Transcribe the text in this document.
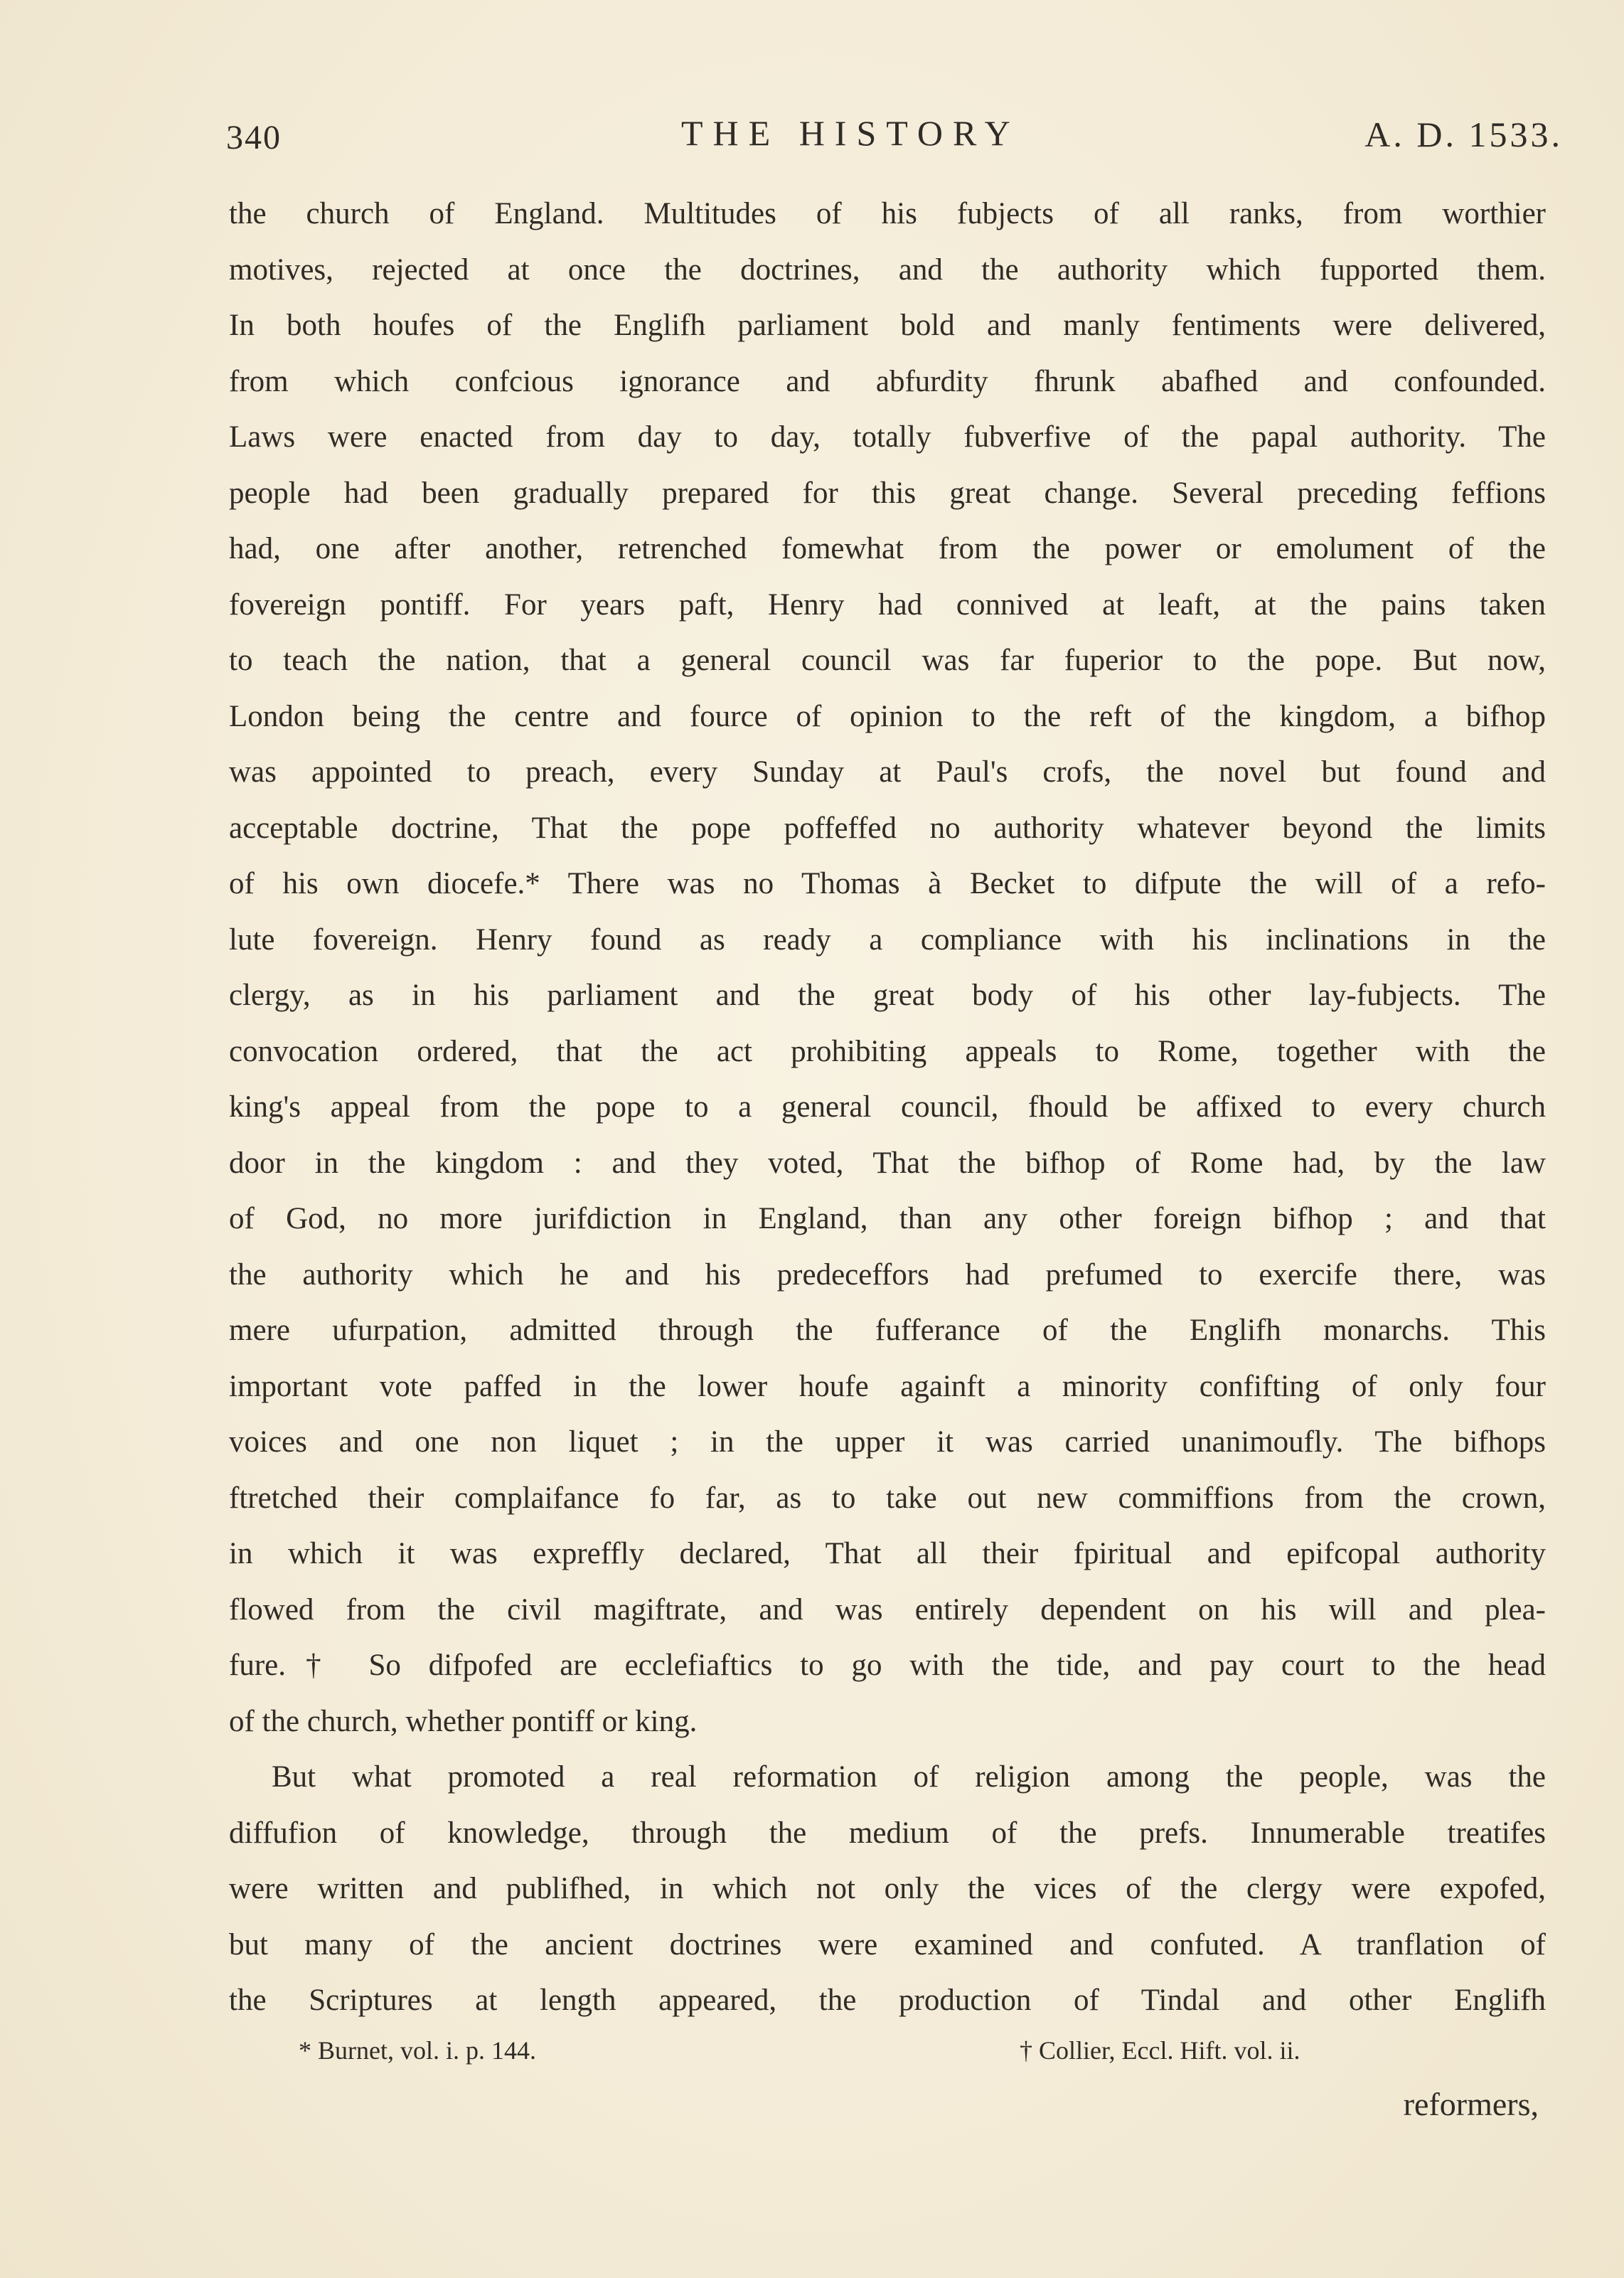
340	THE HISTORY	A. D. 1533.
the church of England. Multitudes of his fubjects of all ranks, from worthier
motives, rejected at once the doctrines, and the authority which fupported them.
In both houfes of the Englifh parliament bold and manly fentiments were delivered,
from which confcious ignorance and abfurdity fhrunk abafhed and confounded.
Laws were enacted from day to day, totally fubverfive of the papal authority. The
people had been gradually prepared for this great change. Several preceding feffions
had, one after another, retrenched fomewhat from the power or emolument of the
fovereign pontiff. For years paft, Henry had connived at leaft, at the pains taken
to teach the nation, that a general council was far fuperior to the pope. But now,
London being the centre and fource of opinion to the reft of the kingdom, a bifhop
was appointed to preach, every Sunday at Paul's crofs, the novel but found and
acceptable doctrine, That the pope poffeffed no authority whatever beyond the limits
of his own diocefe.* There was no Thomas à Becket to difpute the will of a refo-
lute fovereign. Henry found as ready a compliance with his inclinations in the
clergy, as in his parliament and the great body of his other lay-fubjects. The
convocation ordered, that the act prohibiting appeals to Rome, together with the
king's appeal from the pope to a general council, fhould be affixed to every church
door in the kingdom : and they voted, That the bifhop of Rome had, by the law
of God, no more jurifdiction in England, than any other foreign bifhop ; and that
the authority which he and his predeceffors had prefumed to exercife there, was
mere ufurpation, admitted through the fufferance of the Englifh monarchs. This
important vote paffed in the lower houfe againft a minority confifting of only four
voices and one non liquet ; in the upper it was carried unanimoufly. The bifhops
ftretched their complaifance fo far, as to take out new commiffions from the crown,
in which it was expreffly declared, That all their fpiritual and epifcopal authority
flowed from the civil magiftrate, and was entirely dependent on his will and plea-
fure.† So difpofed are ecclefiaftics to go with the tide, and pay court to the head
of the church, whether pontiff or king.
But what promoted a real reformation of religion among the people, was the
diffufion of knowledge, through the medium of the prefs. Innumerable treatifes
were written and publifhed, in which not only the vices of the clergy were expofed,
but many of the ancient doctrines were examined and confuted. A tranflation of
the Scriptures at length appeared, the production of Tindal and other Englifh
* Burnet, vol. i. p. 144.	† Collier, Eccl. Hift. vol. ii.
reformers,
